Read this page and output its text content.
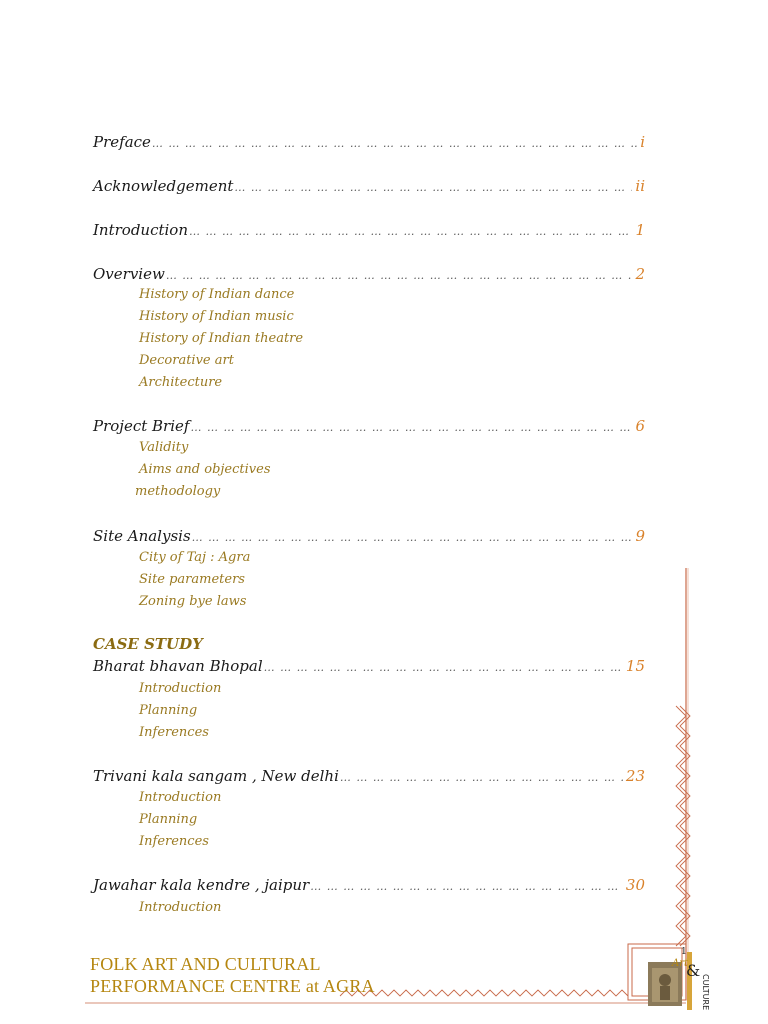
Preface … … … … … … … … … … … … … … … … … … … … … … … … … … … … … … … … … … … … … … … … … … … …	i
Acknowledgement … … … … … … … … … … … … … … … … … … … … … … … … … … … … … … … … … … … … … … … … … … … …	ii
Introduction … … … … … … … … … … … … … … … … … … … … … … … … … … … … … … … … … … … … … … … … … … … …	1
Overview … … … … … … … … … … … … … … … … … … … … … … … … … … … … … … … … … … … … … … … … … … … …	2
History of Indian dance
History of Indian music
History of Indian theatre
Decorative art
Architecture
Project Brief … … … … … … … … … … … … … … … … … … … … … … … … … … … … … … … … … … … … … … … … … … … …	6
Validity
Aims and objectives
methodology
Site Analysis … … … … … … … … … … … … … … … … … … … … … … … … … … … … … … … … … … … … … … … … … … … …	9
City of Taj : Agra
Site parameters
Zoning bye laws
CASE STUDY
Bharat bhavan Bhopal … … … … … … … … … … … … … … … … … … … … … … … … … … … … … … … … … … … … … … … … … … … …	15
Introduction
Planning
Inferences
Trivani kala sangam , New delhi … … … … … … … … … … … … … … … … … … … … … … … … … … … … … … … … … … … … … … … … … … … …	23
Introduction
Planning
Inferences
Jawahar kala kendre , jaipur … … … … … … … … … … … … … … … … … … … … … … … … … … … … … … … … … … … … … … … … … … … …	30
Introduction
FOLK ART AND CULTURAL
PERFORMANCE CENTRE at AGRA
&
Art
CULTURE
1
